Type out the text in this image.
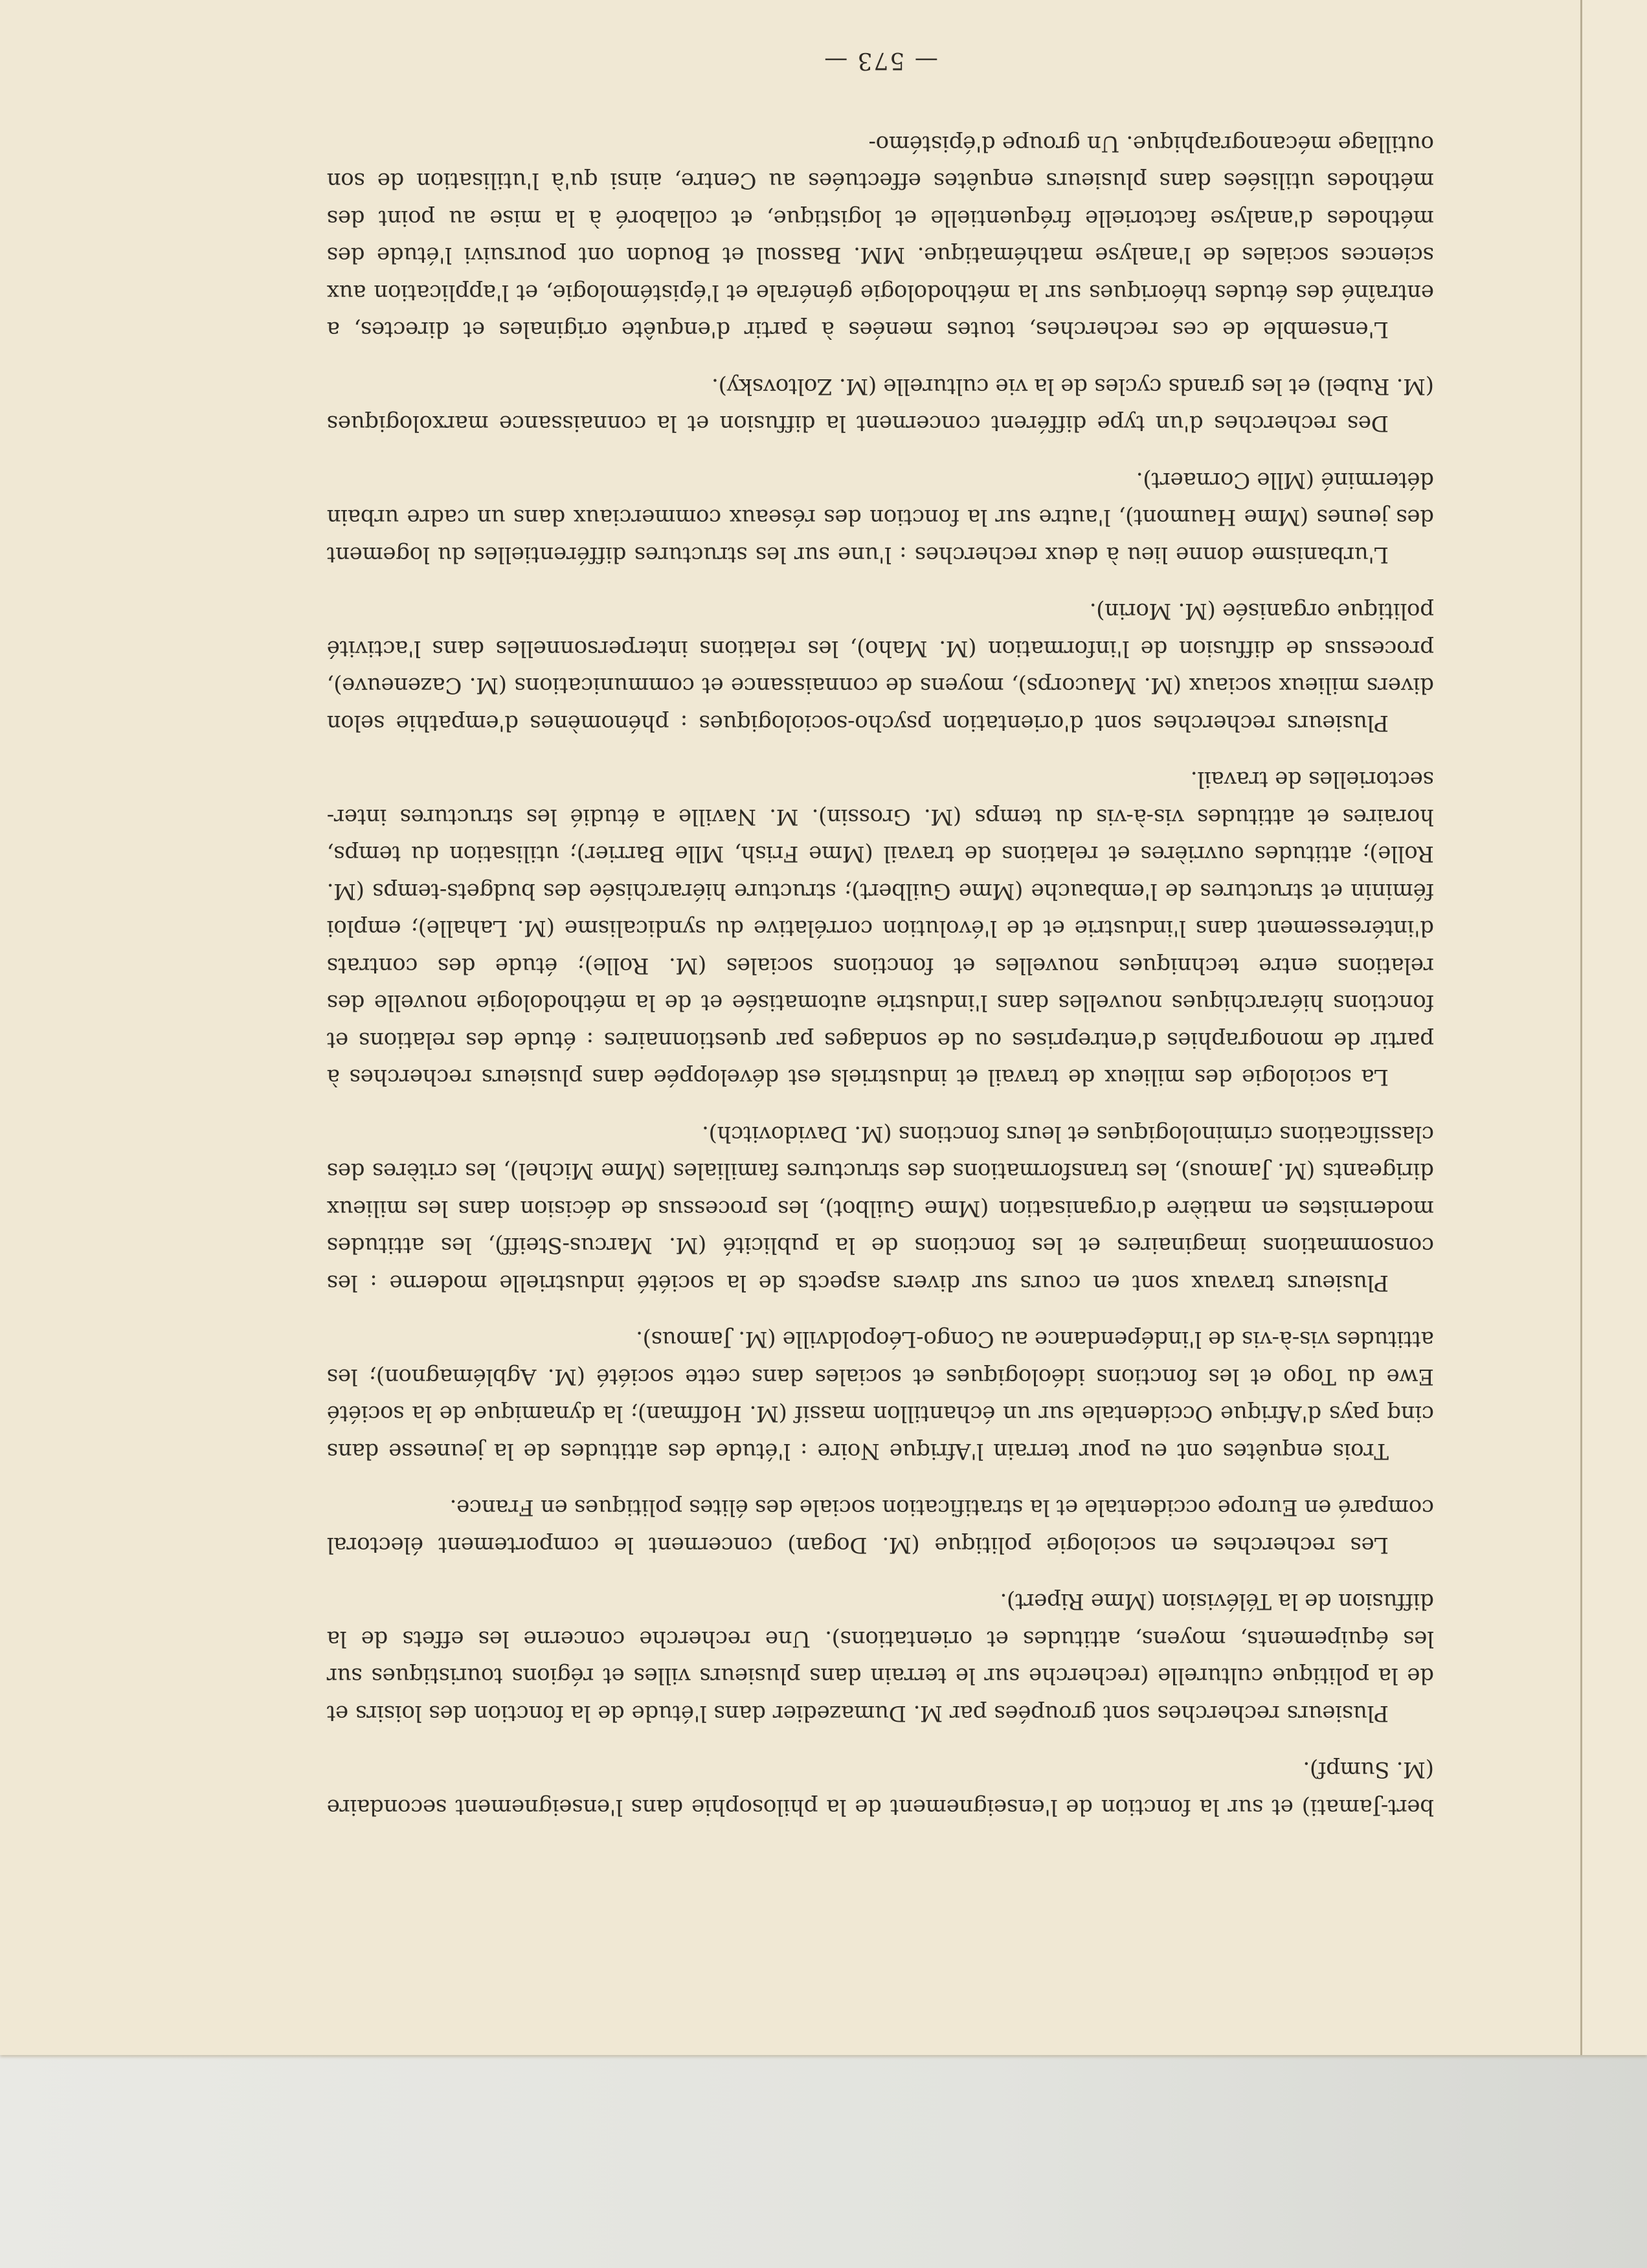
bert-Jamati) et sur la fonction de l'enseignement de la philosophie dans l'enseignement secondaire (M. Sumpf).

Plusieurs recherches sont groupées par M. Dumazedier dans l'étude de la fonction des loisirs et de la politique culturelle (recherche sur le terrain dans plusieurs villes et régions touristiques sur les équipements, moyens, attitudes et orientations). Une recherche concerne les effets de la diffusion de la Télévision (Mme Ripert).

Les recherches en sociologie politique (M. Dogan) concernent le comportement électoral comparé en Europe occidentale et la stratification sociale des élites politiques en France.

Trois enquêtes ont eu pour terrain l'Afrique Noire : l'étude des attitudes de la jeunesse dans cinq pays d'Afrique Occidentale sur un échantillon massif (M. Hoffman); la dynamique de la société Ewe du Togo et les fonctions idéologiques et sociales dans cette société (M. Agblémagnon); les attitudes vis-à-vis de l'indépendance au Congo-Léopoldville (M. Jamous).

Plusieurs travaux sont en cours sur divers aspects de la société industrielle moderne : les consommations imaginaires et les fonctions de la publicité (M. Marcus-Steiff), les attitudes modernistes en matière d'organisation (Mme Guilbot), les processus de décision dans les milieux dirigeants (M. Jamous), les transformations des structures familiales (Mme Michel), les critères des classifications criminologiques et leurs fonctions (M. Davidovitch).

La sociologie des milieux de travail et industriels est développée dans plusieurs recherches à partir de monographies d'entreprises ou de sondages par questionnaires : étude des relations et fonctions hiérarchiques nouvelles dans l'industrie automatisée et de la méthodologie nouvelle des relations entre techniques nouvelles et fonctions sociales (M. Rolle); étude des contrats d'intéressement dans l'industrie et de l'évolution corrélative du syndicalisme (M. Lahalle); emploi féminin et structures de l'embauche (Mme Guilbert); structure hiérarchisée des budgets-temps (M. Rolle); attitudes ouvrières et relations de travail (Mme Frish, Mlle Barrier); utilisation du temps, horaires et attitudes vis-à-vis du temps (M. Grossin). M. Naville a étudié les structures inter-sectorielles de travail.

Plusieurs recherches sont d'orientation psycho-sociologiques : phénomènes d'empathie selon divers milieux sociaux (M. Maucorps), moyens de connaissance et communications (M. Cazeneuve), processus de diffusion de l'information (M. Maho), les relations interpersonnelles dans l'activité politique organisée (M. Morin).

L'urbanisme donne lieu à deux recherches : l'une sur les structures différentielles du logement des jeunes (Mme Haumont), l'autre sur la fonction des réseaux commerciaux dans un cadre urbain déterminé (Mlle Cornaert).

Des recherches d'un type différent concernent la diffusion et la connaissance marxologiques (M. Rubel) et les grands cycles de la vie culturelle (M. Zoltovsky).

L'ensemble de ces recherches, toutes menées à partir d'enquête originales et directes, a entraîné des études théoriques sur la méthodologie générale et l'épistémologie, et l'application aux sciences sociales de l'analyse mathématique. MM. Bassoul et Boudon ont poursuivi l'étude des méthodes d'analyse factorielle fréquentielle et logistique, et collaboré à la mise au point des méthodes utilisées dans plusieurs enquêtes effectuées au Centre, ainsi qu'à l'utilisation de son outillage mécanographique. Un groupe d'épistémo-

— 573 —
